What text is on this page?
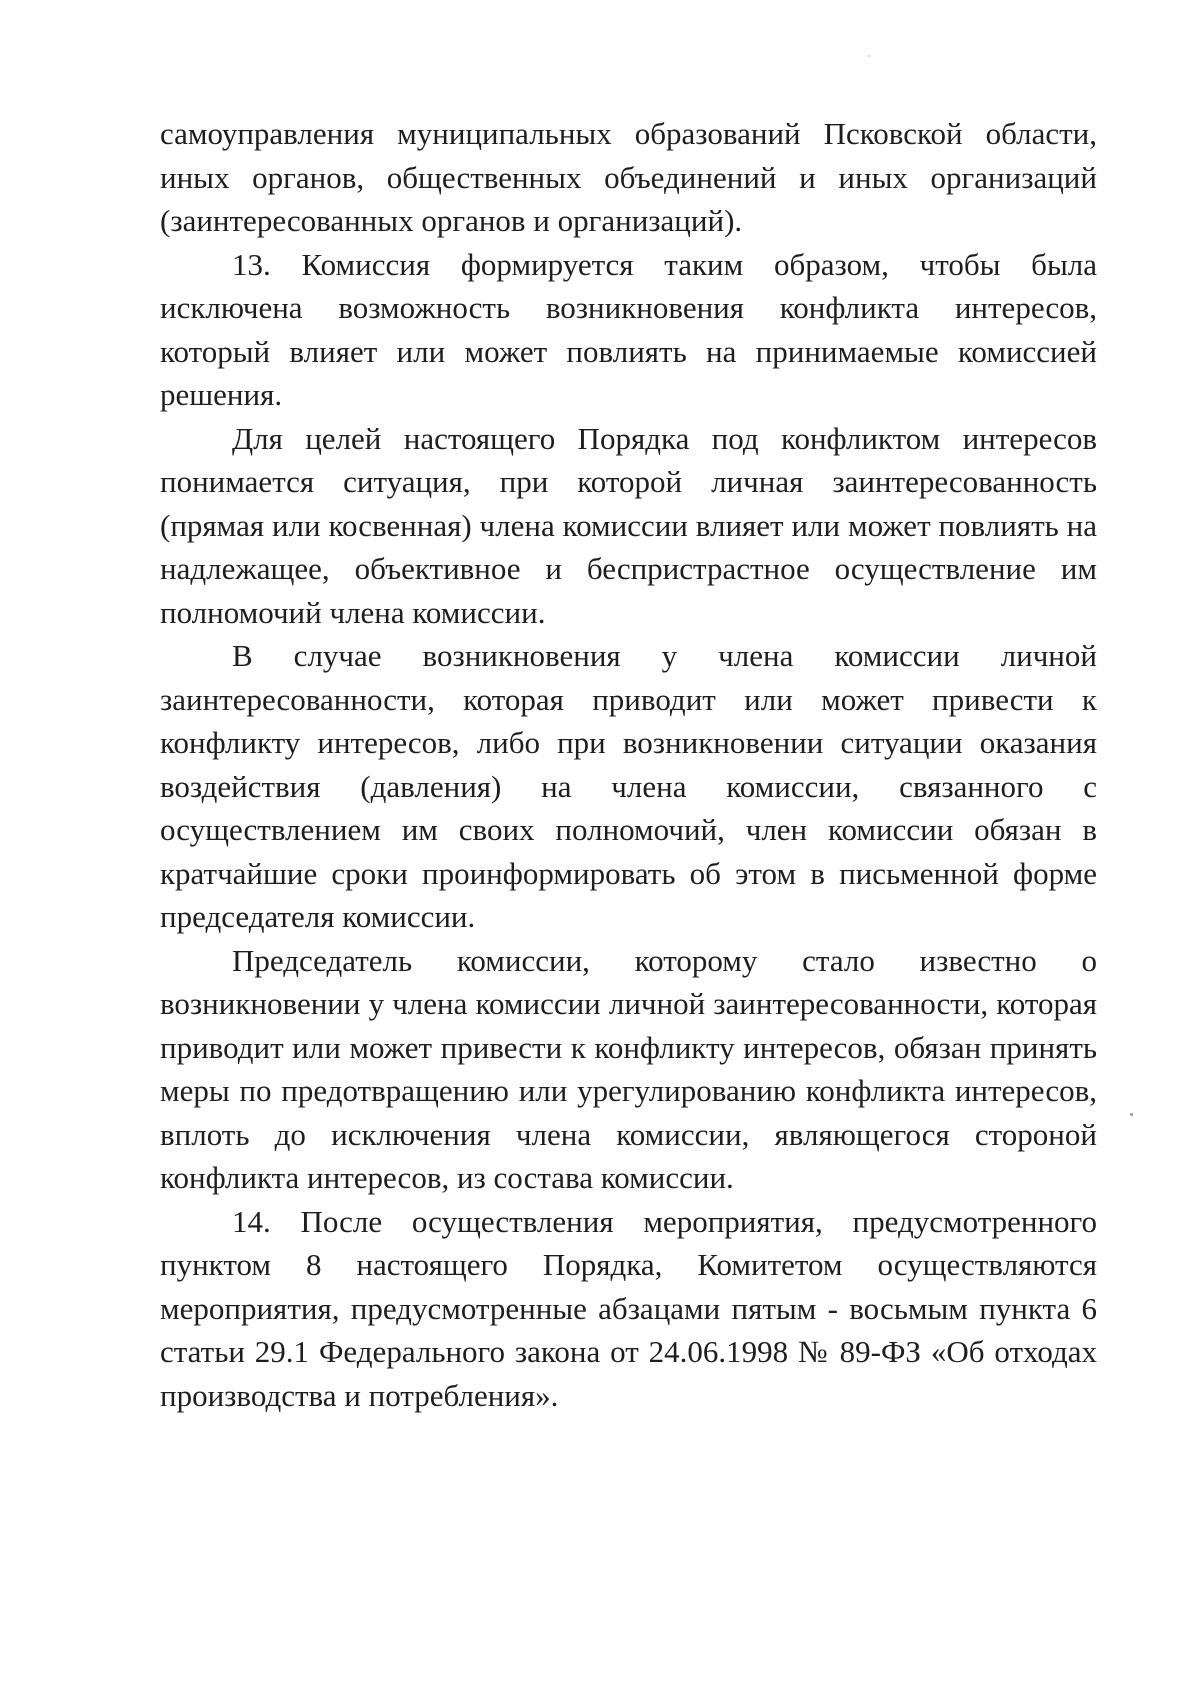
самоуправления муниципальных образований Псковской области, иных органов, общественных объединений и иных организаций (заинтересованных органов и организаций).

13. Комиссия формируется таким образом, чтобы была исключена возможность возникновения конфликта интересов, который влияет или может повлиять на принимаемые комиссией решения.

Для целей настоящего Порядка под конфликтом интересов понимается ситуация, при которой личная заинтересованность (прямая или косвенная) члена комиссии влияет или может повлиять на надлежащее, объективное и беспристрастное осуществление им полномочий члена комиссии.

В случае возникновения у члена комиссии личной заинтересованности, которая приводит или может привести к конфликту интересов, либо при возникновении ситуации оказания воздействия (давления) на члена комиссии, связанного с осуществлением им своих полномочий, член комиссии обязан в кратчайшие сроки проинформировать об этом в письменной форме председателя комиссии.

Председатель комиссии, которому стало известно о возникновении у члена комиссии личной заинтересованности, которая приводит или может привести к конфликту интересов, обязан принять меры по предотвращению или урегулированию конфликта интересов, вплоть до исключения члена комиссии, являющегося стороной конфликта интересов, из состава комиссии.

14. После осуществления мероприятия, предусмотренного пунктом 8 настоящего Порядка, Комитетом осуществляются мероприятия, предусмотренные абзацами пятым - восьмым пункта 6 статьи 29.1 Федерального закона от 24.06.1998 № 89-ФЗ «Об отходах производства и потребления».
